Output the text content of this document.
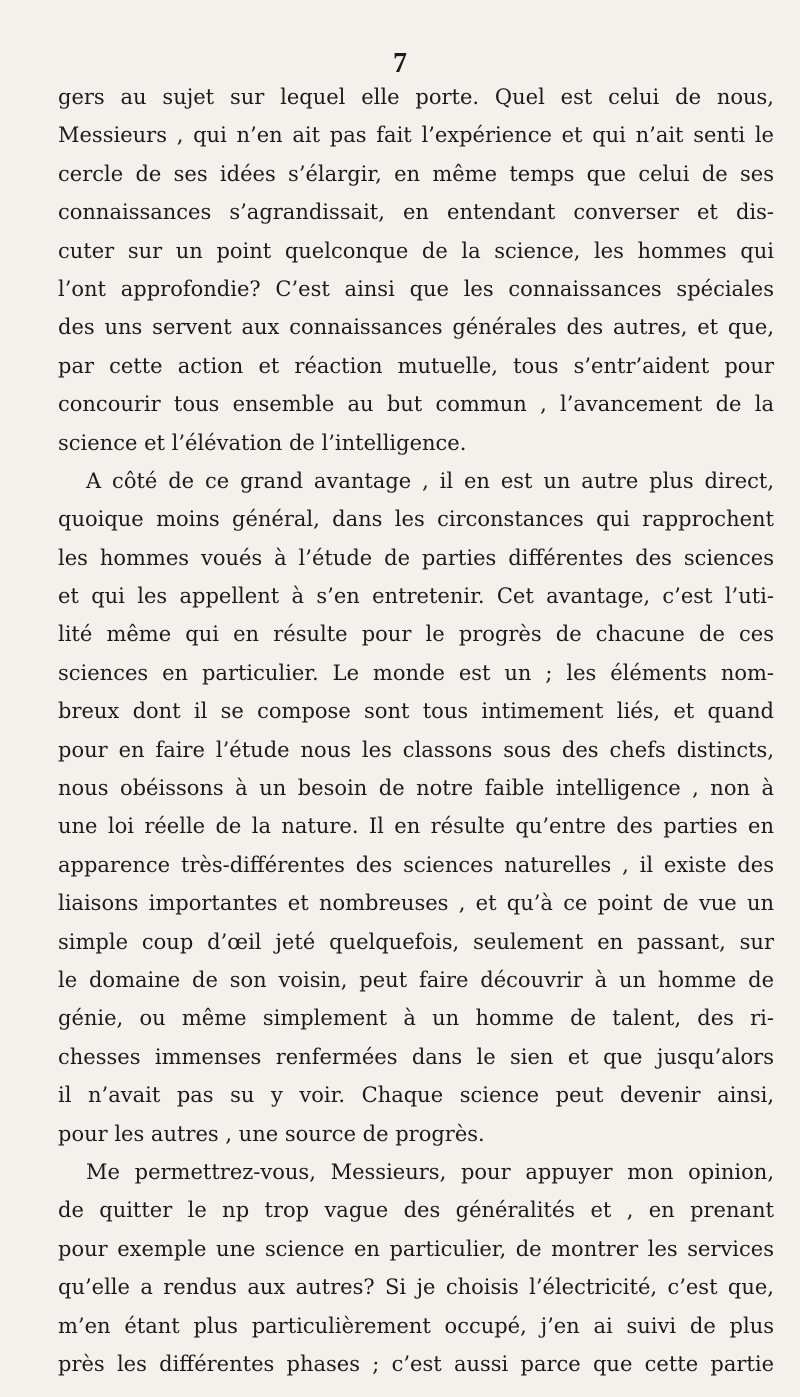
7
gers au sujet sur lequel elle porte. Quel est celui de nous,
Messieurs , qui n’en ait pas fait l’expérience et qui n’ait senti le
cercle de ses idées s’élargir, en même temps que celui de ses
connaissances s’agrandissait, en entendant converser et dis-
cuter sur un point quelconque de la science, les hommes qui
l’ont approfondie? C’est ainsi que les connaissances spéciales
des uns servent aux connaissances générales des autres, et que,
par cette action et réaction mutuelle, tous s’entr’aident pour
concourir tous ensemble au but commun , l’avancement de la
science et l’élévation de l’intelligence.
A côté de ce grand avantage , il en est un autre plus direct,
quoique moins général, dans les circonstances qui rapprochent
les hommes voués à l’étude de parties différentes des sciences
et qui les appellent à s’en entretenir. Cet avantage, c’est l’uti-
lité même qui en résulte pour le progrès de chacune de ces
sciences en particulier. Le monde est un ; les éléments nom-
breux dont il se compose sont tous intimement liés, et quand
pour en faire l’étude nous les classons sous des chefs distincts,
nous obéissons à un besoin de notre faible intelligence , non à
une loi réelle de la nature. Il en résulte qu’entre des parties en
apparence très-différentes des sciences naturelles , il existe des
liaisons importantes et nombreuses , et qu’à ce point de vue un
simple coup d’œil jeté quelquefois, seulement en passant, sur
le domaine de son voisin, peut faire découvrir à un homme de
génie, ou même simplement à un homme de talent, des ri-
chesses immenses renfermées dans le sien et que jusqu’alors
il n’avait pas su y voir. Chaque science peut devenir ainsi,
pour les autres , une source de progrès.
Me permettrez-vous, Messieurs, pour appuyer mon opinion,
de quitter le np trop vague des généralités et , en prenant
pour exemple une science en particulier, de montrer les services
qu’elle a rendus aux autres? Si je choisis l’électricité, c’est que,
m’en étant plus particulièrement occupé, j’en ai suivi de plus
près les différentes phases ; c’est aussi parce que cette partie
